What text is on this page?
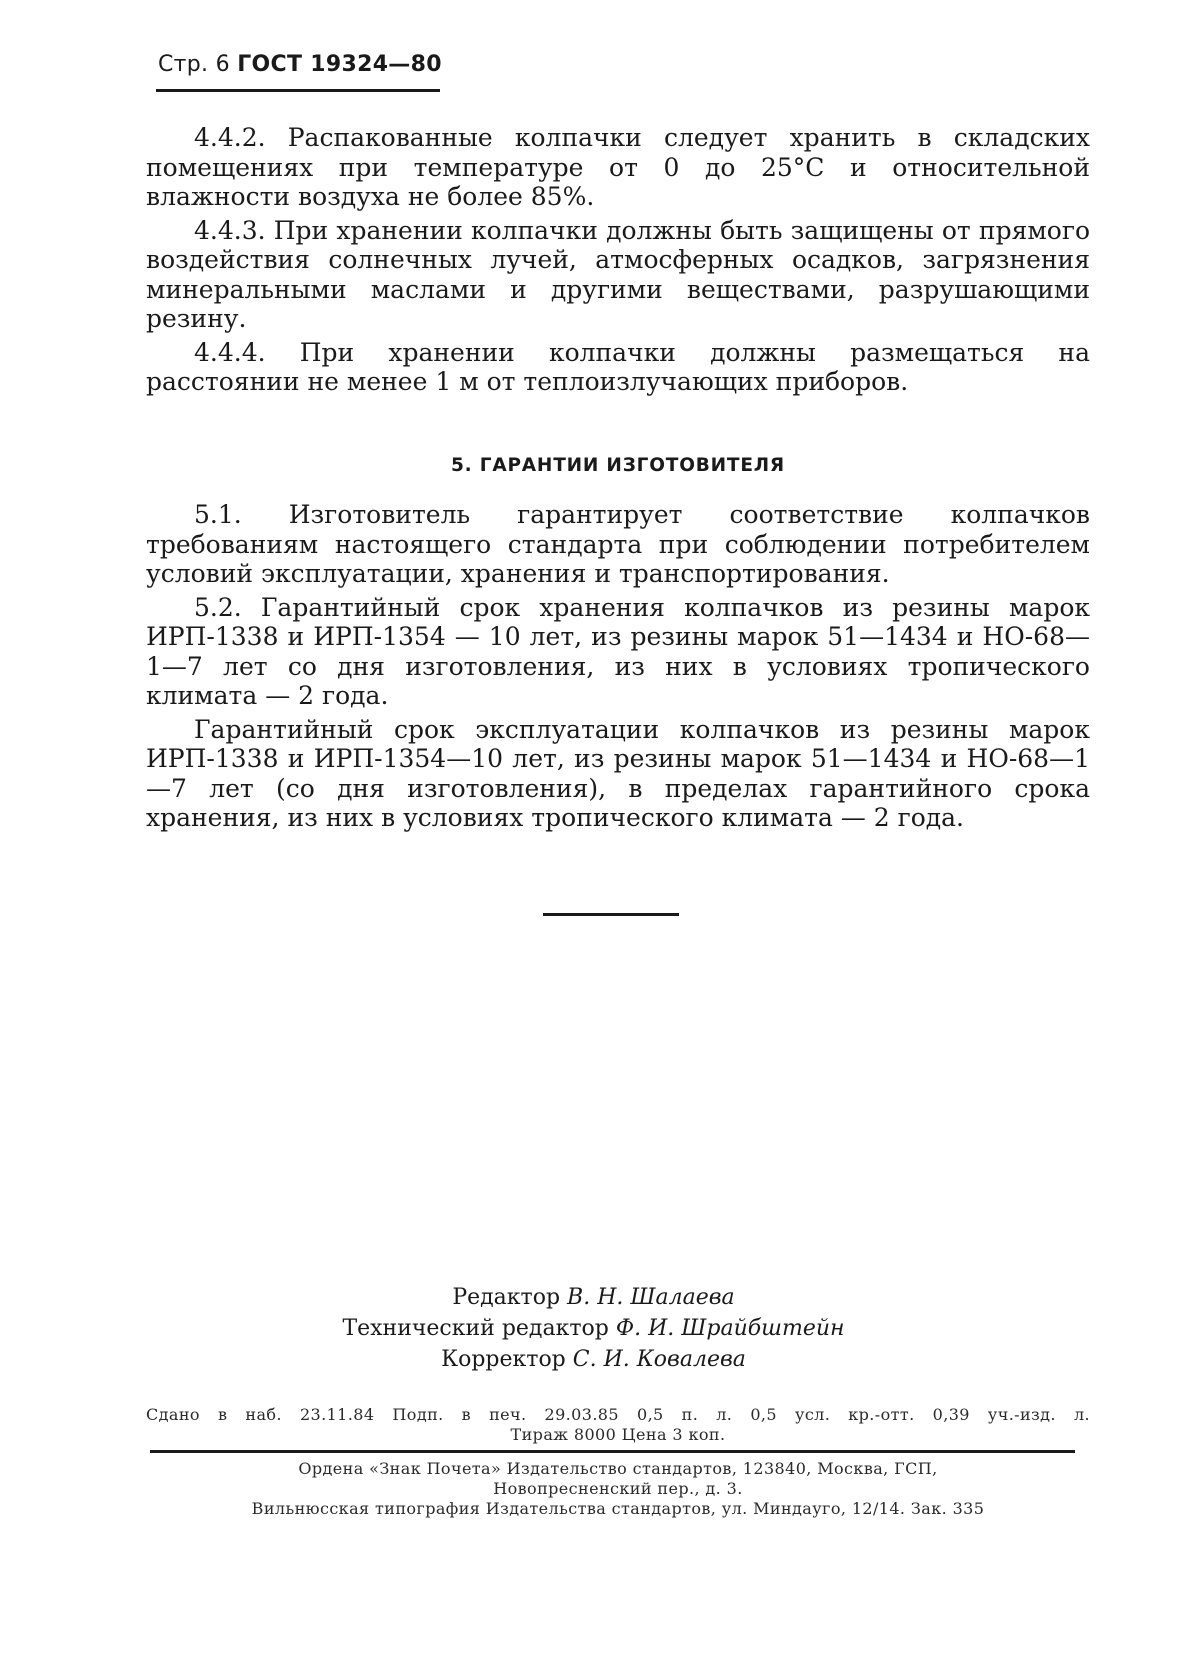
Стр. 6 ГОСТ 19324—80

4.4.2. Распакованные колпачки следует хранить в складских помещениях при температуре от 0 до 25°С и относительной влажности воздуха не более 85%.

4.4.3. При хранении колпачки должны быть защищены от прямого воздействия солнечных лучей, атмосферных осадков, загрязнения минеральными маслами и другими веществами, разрушающими резину.

4.4.4. При хранении колпачки должны размещаться на расстоянии не менее 1 м от теплоизлучающих приборов.

5. ГАРАНТИИ ИЗГОТОВИТЕЛЯ

5.1. Изготовитель гарантирует соответствие колпачков требованиям настоящего стандарта при соблюдении потребителем условий эксплуатации, хранения и транспортирования.

5.2. Гарантийный срок хранения колпачков из резины марок ИРП-1338 и ИРП-1354 — 10 лет, из резины марок 51—1434 и НО-68—1—7 лет со дня изготовления, из них в условиях тропического климата — 2 года.

Гарантийный срок эксплуатации колпачков из резины марок ИРП-1338 и ИРП-1354—10 лет, из резины марок 51—1434 и НО-68—1—7 лет (со дня изготовления), в пределах гарантийного срока хранения, из них в условиях тропического климата — 2 года.

Редактор В. Н. Шалаева
Технический редактор Ф. И. Шрайбштейн
Корректор С. И. Ковалева
Сдано в наб. 23.11.84 Подп. в печ. 29.03.85 0,5 п. л. 0,5 усл. кр.-отт. 0,39 уч.-изд. л.
Тираж 8000 Цена 3 коп.
Ордена «Знак Почета» Издательство стандартов, 123840, Москва, ГСП,
Новопресненский пер., д. 3.
Вильнюсская типография Издательства стандартов, ул. Миндауго, 12/14. Зак. 335
